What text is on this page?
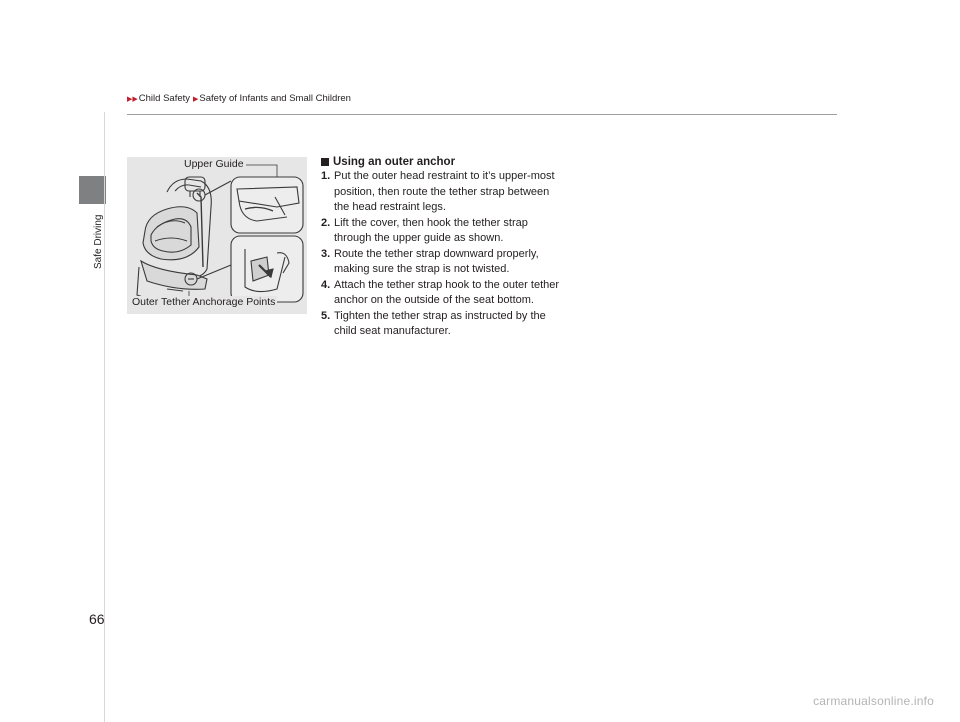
Safe Driving
▶▶ Child Safety ▶ Safety of Infants and Small Children
Upper Guide
Outer Tether Anchorage Points
Using an outer anchor
1. Put the outer head restraint to it’s upper-most position, then route the tether strap between the head restraint legs.
2. Lift the cover, then hook the tether strap through the upper guide as shown.
3. Route the tether strap downward properly, making sure the strap is not twisted.
4. Attach the tether strap hook to the outer tether anchor on the outside of the seat bottom.
5. Tighten the tether strap as instructed by the child seat manufacturer.
66
carmanualsonline.info
